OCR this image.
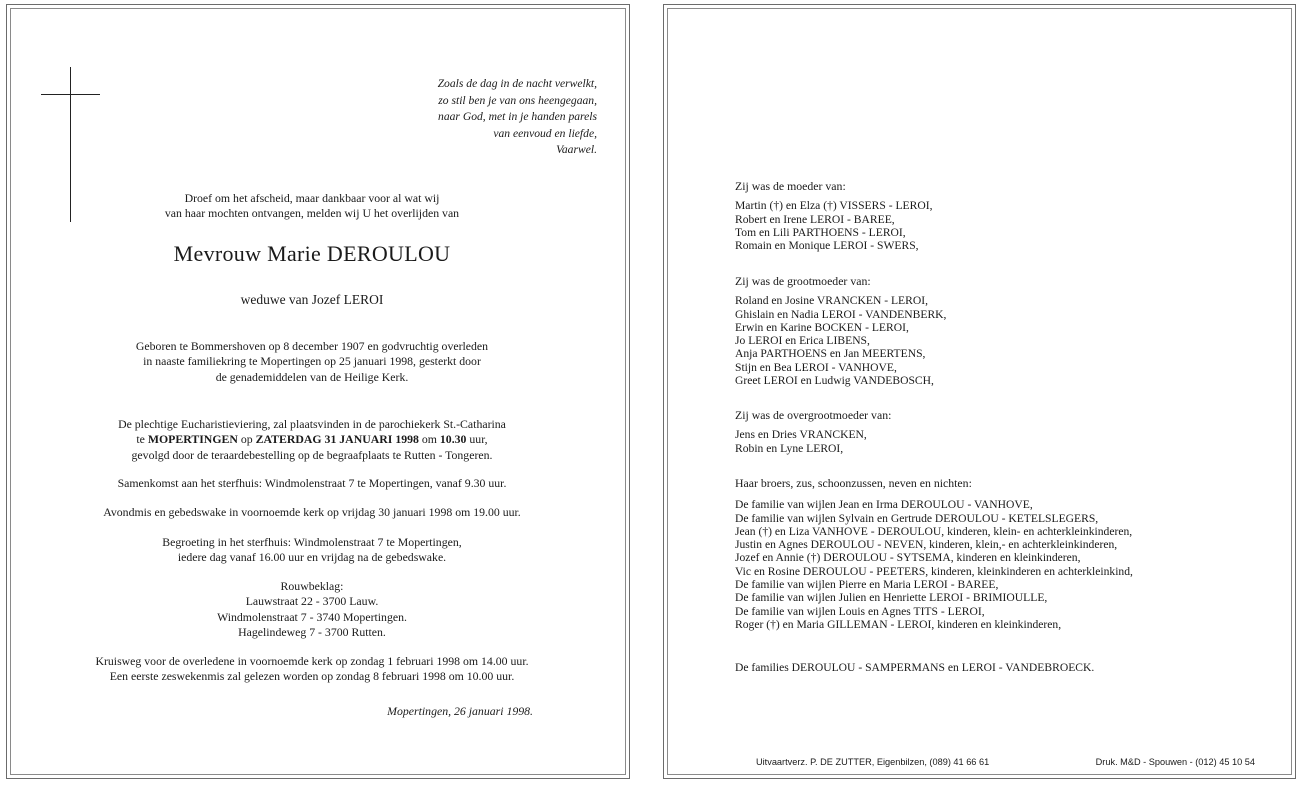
Zoals de dag in de nacht verwelkt,
zo stil ben je van ons heengegaan,
naar God, met in je handen parels
van eenvoud en liefde,
Vaarwel.
Droef om het afscheid, maar dankbaar voor al wat wij
van haar mochten ontvangen, melden wij U het overlijden van
Mevrouw Marie DEROULOU
weduwe van Jozef LEROI
Geboren te Bommershoven op 8 december 1907 en godvruchtig overleden
in naaste familiekring te Mopertingen op 25 januari 1998, gesterkt door
de genademiddelen van de Heilige Kerk.
De plechtige Eucharistieviering, zal plaatsvinden in de parochiekerk St.-Catharina
te MOPERTINGEN op ZATERDAG 31 JANUARI 1998 om 10.30 uur,
gevolgd door de teraardebestelling op de begraafplaats te Rutten - Tongeren.
Samenkomst aan het sterfhuis: Windmolenstraat 7 te Mopertingen, vanaf 9.30 uur.
Avondmis en gebedswake in voornoemde kerk op vrijdag 30 januari 1998 om 19.00 uur.
Begroeting in het sterfhuis: Windmolenstraat 7 te Mopertingen,
iedere dag vanaf 16.00 uur en vrijdag na de gebedswake.
Rouwbeklag:
Lauwstraat 22 - 3700 Lauw.
Windmolenstraat 7 - 3740 Mopertingen.
Hagelindeweg 7 - 3700 Rutten.
Kruisweg voor de overledene in voornoemde kerk op zondag 1 februari 1998 om 14.00 uur.
Een eerste zeswekenmis zal gelezen worden op zondag 8 februari 1998 om 10.00 uur.
Mopertingen, 26 januari 1998.
Zij was de moeder van:
Martin (†) en Elza (†) VISSERS - LEROI,
Robert en Irene LEROI - BAREE,
Tom en Lili PARTHOENS - LEROI,
Romain en Monique LEROI - SWERS,
Zij was de grootmoeder van:
Roland en Josine VRANCKEN - LEROI,
Ghislain en Nadia LEROI - VANDENBERK,
Erwin en Karine BOCKEN - LEROI,
Jo LEROI en Erica LIBENS,
Anja PARTHOENS en Jan MEERTENS,
Stijn en Bea LEROI - VANHOVE,
Greet LEROI en Ludwig VANDEBOSCH,
Zij was de overgrootmoeder van:
Jens en Dries VRANCKEN,
Robin en Lyne LEROI,
Haar broers, zus, schoonzussen, neven en nichten:
De familie van wijlen Jean en Irma DEROULOU - VANHOVE,
De familie van wijlen Sylvain en Gertrude DEROULOU - KETELSLEGERS,
Jean (†) en Liza VANHOVE - DEROULOU, kinderen, klein- en achterkleinkinderen,
Justin en Agnes DEROULOU - NEVEN, kinderen, klein,- en achterkleinkinderen,
Jozef en Annie (†) DEROULOU - SYTSEMA, kinderen en kleinkinderen,
Vic en Rosine DEROULOU - PEETERS, kinderen, kleinkinderen en achterkleinkind,
De familie van wijlen Pierre en Maria LEROI - BAREE,
De familie van wijlen Julien en Henriette LEROI - BRIMIOULLE,
De familie van wijlen Louis en Agnes TITS - LEROI,
Roger (†) en Maria GILLEMAN - LEROI, kinderen en kleinkinderen,
De families DEROULOU - SAMPERMANS en LEROI - VANDEBROECK.
Uitvaartverz. P. DE ZUTTER, Eigenbilzen, (089) 41 66 61	Druk. M&D - Spouwen - (012) 45 10 54
